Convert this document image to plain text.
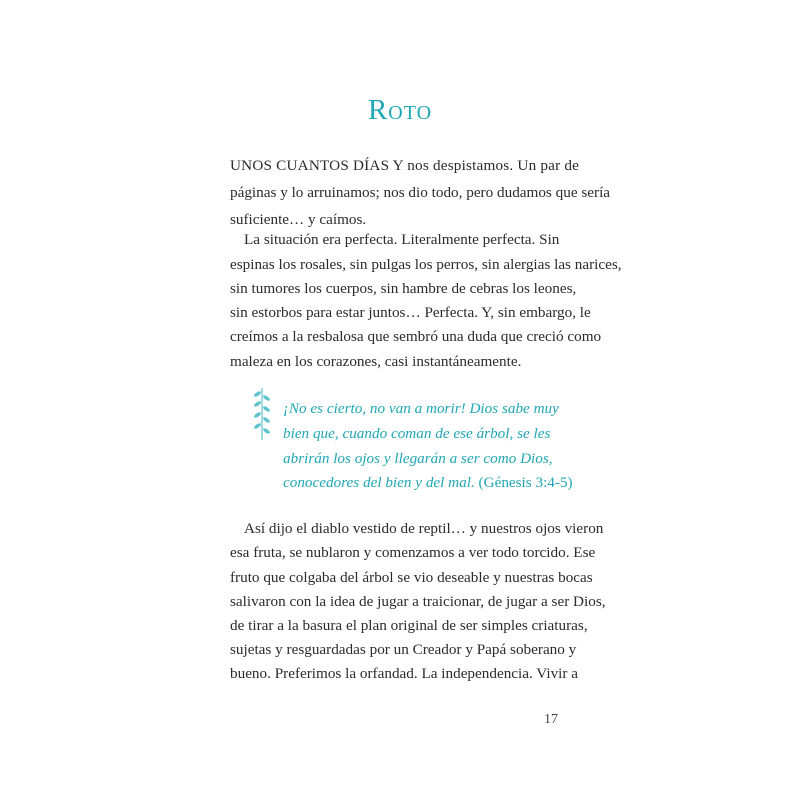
Roto
UNOS CUANTOS DÍAS Y nos despistamos. Un par de
páginas y lo arruinamos; nos dio todo, pero dudamos que sería
suficiente… y caímos.
La situación era perfecta. Literalmente perfecta. Sin
espinas los rosales, sin pulgas los perros, sin alergias las narices,
sin tumores los cuerpos, sin hambre de cebras los leones,
sin estorbos para estar juntos… Perfecta. Y, sin embargo, le
creímos a la resbalosa que sembró una duda que creció como
maleza en los corazones, casi instantáneamente.
¡No es cierto, no van a morir! Dios sabe muy
bien que, cuando coman de ese árbol, se les
abrirán los ojos y llegarán a ser como Dios,
conocedores del bien y del mal. (Génesis 3:4-5)
Así dijo el diablo vestido de reptil… y nuestros ojos vieron
esa fruta, se nublaron y comenzamos a ver todo torcido. Ese
fruto que colgaba del árbol se vio deseable y nuestras bocas
salivaron con la idea de jugar a traicionar, de jugar a ser Dios,
de tirar a la basura el plan original de ser simples criaturas,
sujetas y resguardadas por un Creador y Papá soberano y
bueno. Preferimos la orfandad. La independencia. Vivir a
17
